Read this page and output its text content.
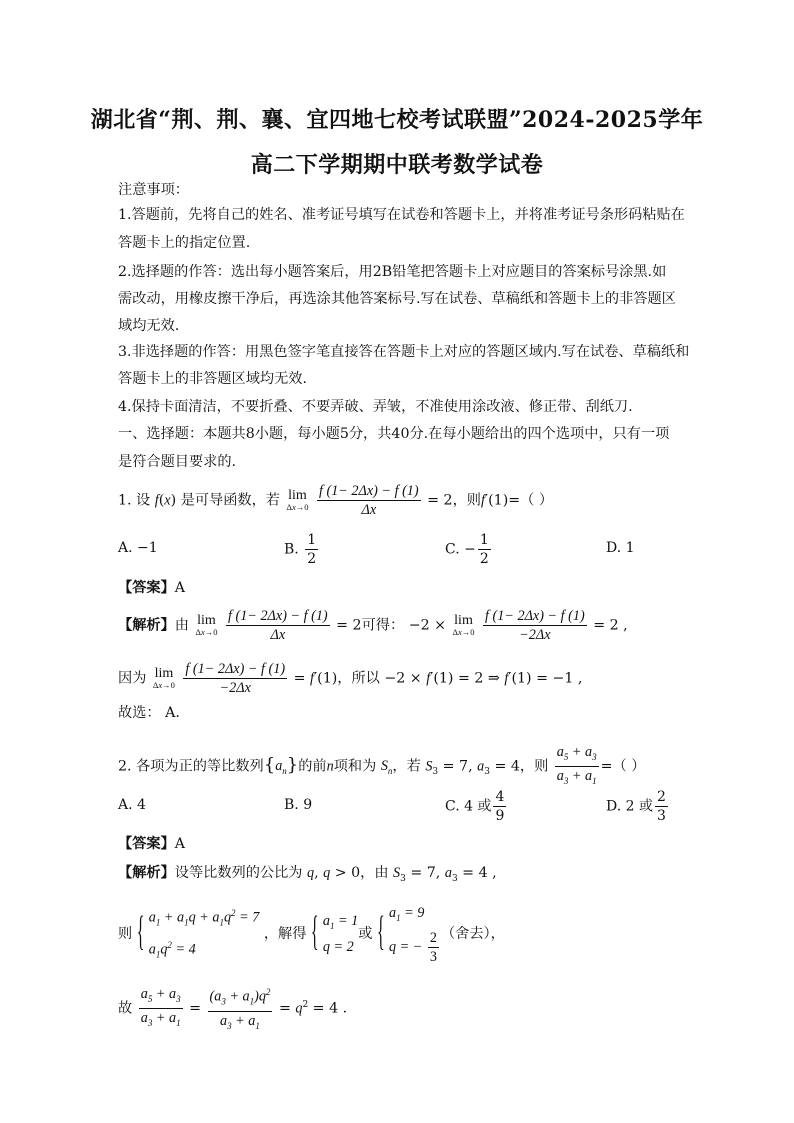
湖北省“荆、荆、襄、宜四地七校考试联盟”2024-2025学年
高二下学期期中联考数学试卷
注意事项：
1.答题前，先将自己的姓名、准考证号填写在试卷和答题卡上，并将准考证号条形码粘贴在
答题卡上的指定位置.
2.选择题的作答：选出每小题答案后，用2B铅笔把答题卡上对应题目的答案标号涂黑.如
需改动，用橡皮擦干净后，再选涂其他答案标号.写在试卷、草稿纸和答题卡上的非答题区
域均无效.
3.非选择题的作答：用黑色签字笔直接答在答题卡上对应的答题区域内.写在试卷、草稿纸和
答题卡上的非答题区域均无效.
4.保持卡面清洁，不要折叠、不要弄破、弄皱，不准使用涂改液、修正带、刮纸刀.
一、选择题：本题共8小题，每小题5分，共40分.在每小题给出的四个选项中，只有一项
是符合题目要求的.
1. 设 f(x) 是可导函数，若 lim
Δx→0
$\frac{f (1- 2\Delta x) - f (1)}{\Delta x} = 2$，则f′(1)=（ ）
A. −1	B. $\frac{1}{2}$	C. − $\frac{1}{2}$	D. 1
【答案】A
【解析】由 lim
Δx→0
$\frac{f (1- 2\Delta x) - f (1)}{\Delta x} = 2$可得： −2 × lim
Δx→0
$\frac{f (1- 2\Delta x) - f (1)}{-2\Delta x} = 2$ ,
因为 lim
Δx→0
$\frac{f (1- 2\Delta x) - f (1)}{-2\Delta x} = f'(1)$，所以 −2 × f′(1) = 2 ⇒ f′(1) = −1 ,
故选： A.
2. 各项为正的等比数列$\{a_n\}$的前n项和为 $S_n$，若 $S_3 = 7$, $a_3 = 4$，则 $\frac{a_5 + a_3}{a_3 + a_1}$ =（ ）
A. 4	B. 9	C. 4 或 $\frac{4}{9}$	D. 2 或 $\frac{2}{3}$
【答案】A
【解析】设等比数列的公比为 q, q > 0，由 $S_3 = 7$, $a_3 = 4$ ,
则
{ $a_1 + a_1q + a_1q^2 = 7$
$a_1q^2 = 4$
，解得
{ $a_1 = 1$
q = 2
或
{ $a_1 = 9$
q = − $\frac{2}{3}$ （舍去），
故 $\frac{a_5 + a_3}{a_3 + a_1} = \frac{(a_3 + a_1)q^2}{a_3 + a_1} = q^2 = 4$ .
